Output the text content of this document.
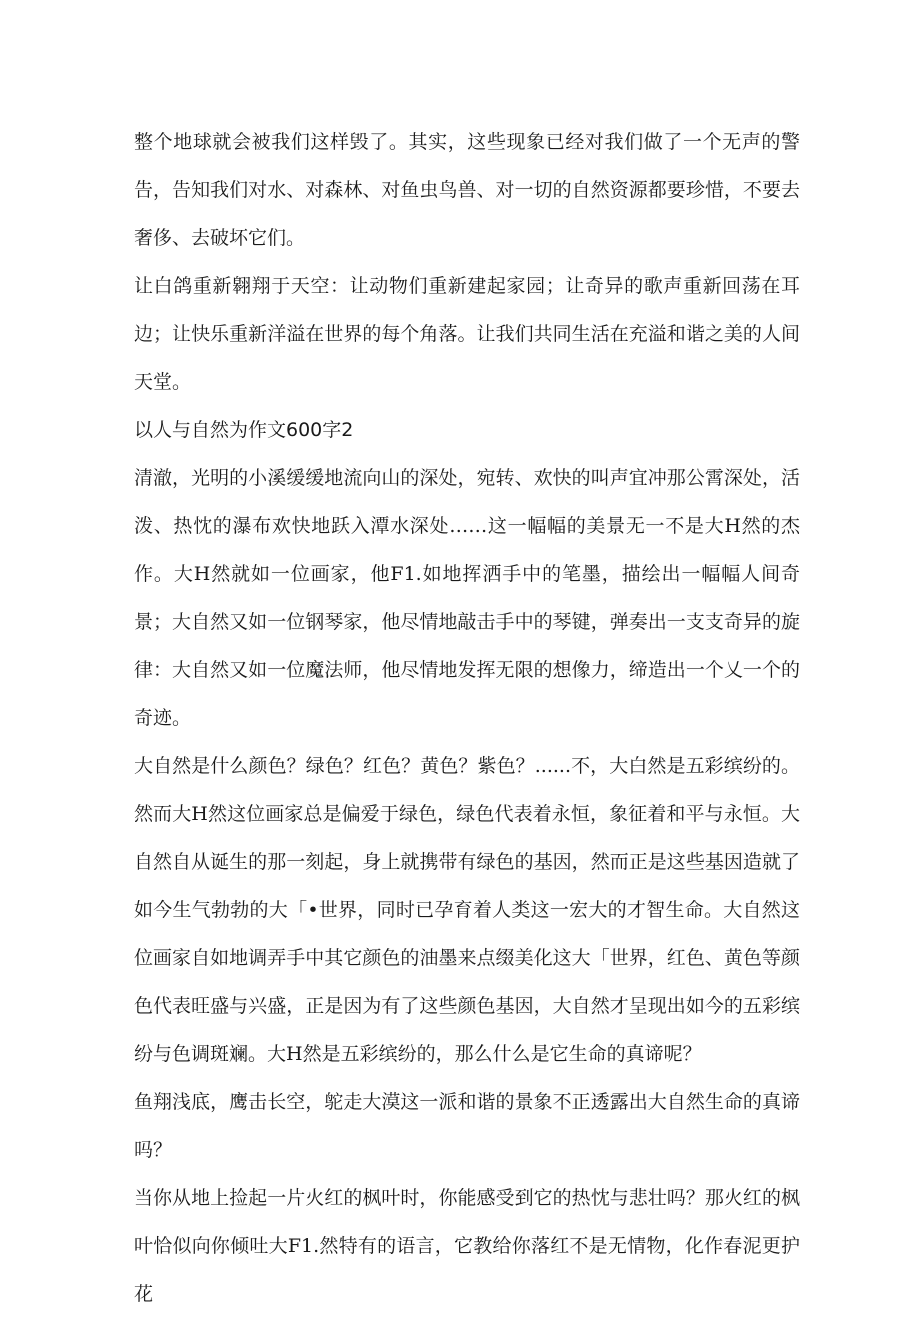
整个地球就会被我们这样毁了。其实，这些现象已经对我们做了一个无声的警告，告知我们对水、对森林、对鱼虫鸟兽、对一切的自然资源都要珍惜，不要去奢侈、去破坏它们。

让白鸽重新翱翔于天空：让动物们重新建起家园；让奇异的歌声重新回荡在耳边；让快乐重新洋溢在世界的每个角落。让我们共同生活在充溢和谐之美的人间天堂。

以人与自然为作文600字2

清澈，光明的小溪缓缓地流向山的深处，宛转、欢快的叫声宜冲那公霄深处，活泼、热忱的瀑布欢快地跃入潭水深处……这一幅幅的美景无一不是大H然的杰作。大H然就如一位画家，他F1.如地挥洒手中的笔墨，描绘出一幅幅人间奇景；大自然又如一位钢琴家，他尽情地敲击手中的琴键，弹奏出一支支奇异的旋律：大自然又如一位魔法师，他尽情地发挥无限的想像力，缔造出一个乂一个的奇迹。

大自然是什么颜色？绿色？红色？黄色？紫色？......不，大白然是五彩缤纷的。然而大H然这位画家总是偏爱于绿色，绿色代表着永恒，象征着和平与永恒。大自然自从诞生的那一刻起，身上就携带有绿色的基因，然而正是这些基因造就了如今生气勃勃的大「•世界，同时已孕育着人类这一宏大的才智生命。大自然这位画家自如地调弄手中其它颜色的油墨来点缀美化这大「世界，红色、黄色等颜色代表旺盛与兴盛，正是因为有了这些颜色基因，大自然才呈现出如今的五彩缤纷与色调斑斓。大H然是五彩缤纷的，那么什么是它生命的真谛呢？

鱼翔浅底，鹰击长空，鸵走大漠这一派和谐的景象不正透露出大自然生命的真谛吗？

当你从地上捡起一片火红的枫叶时，你能感受到它的热忱与悲壮吗？那火红的枫叶恰似向你倾吐大F1.然特有的语言，它教给你落红不是无情物，化作春泥更护花
